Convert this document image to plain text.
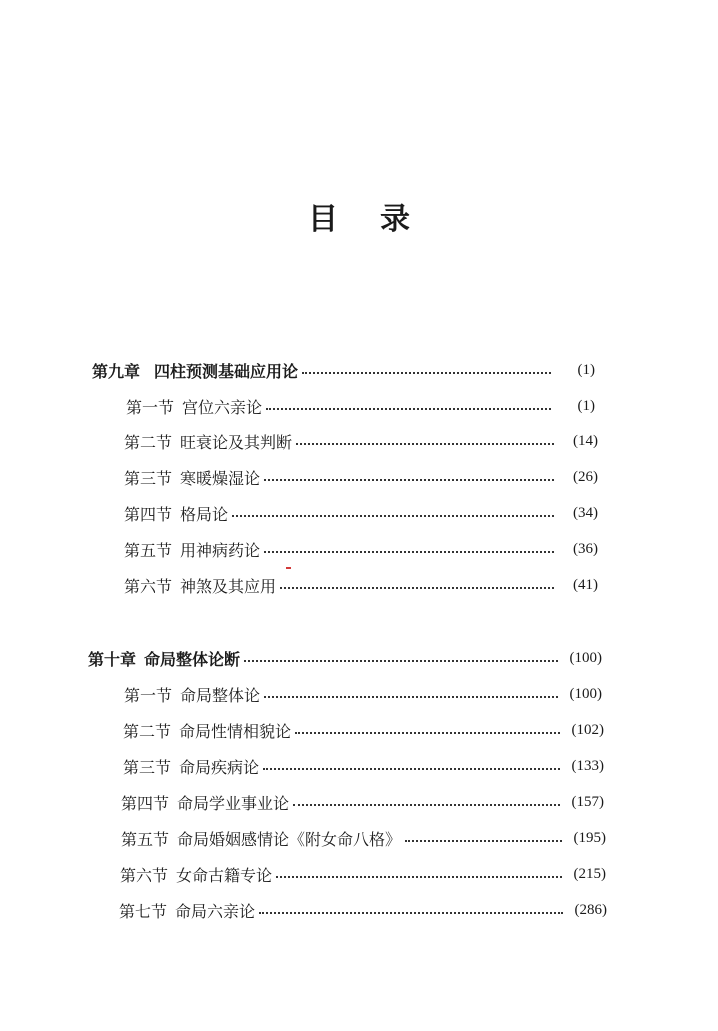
目 录
第九章 四柱预测基础应用论	(1)
第一节 宫位六亲论	(1)
第二节 旺衰论及其判断	(14)
第三节 寒暖燥湿论	(26)
第四节 格局论	(34)
第五节 用神病药论	(36)
第六节 神煞及其应用	(41)
第十章 命局整体论断	(100)
第一节 命局整体论	(100)
第二节 命局性情相貌论	(102)
第三节 命局疾病论	(133)
第四节 命局学业事业论	(157)
第五节 命局婚姻感情论《附女命八格》	(195)
第六节 女命古籍专论	(215)
第七节 命局六亲论	(286)
